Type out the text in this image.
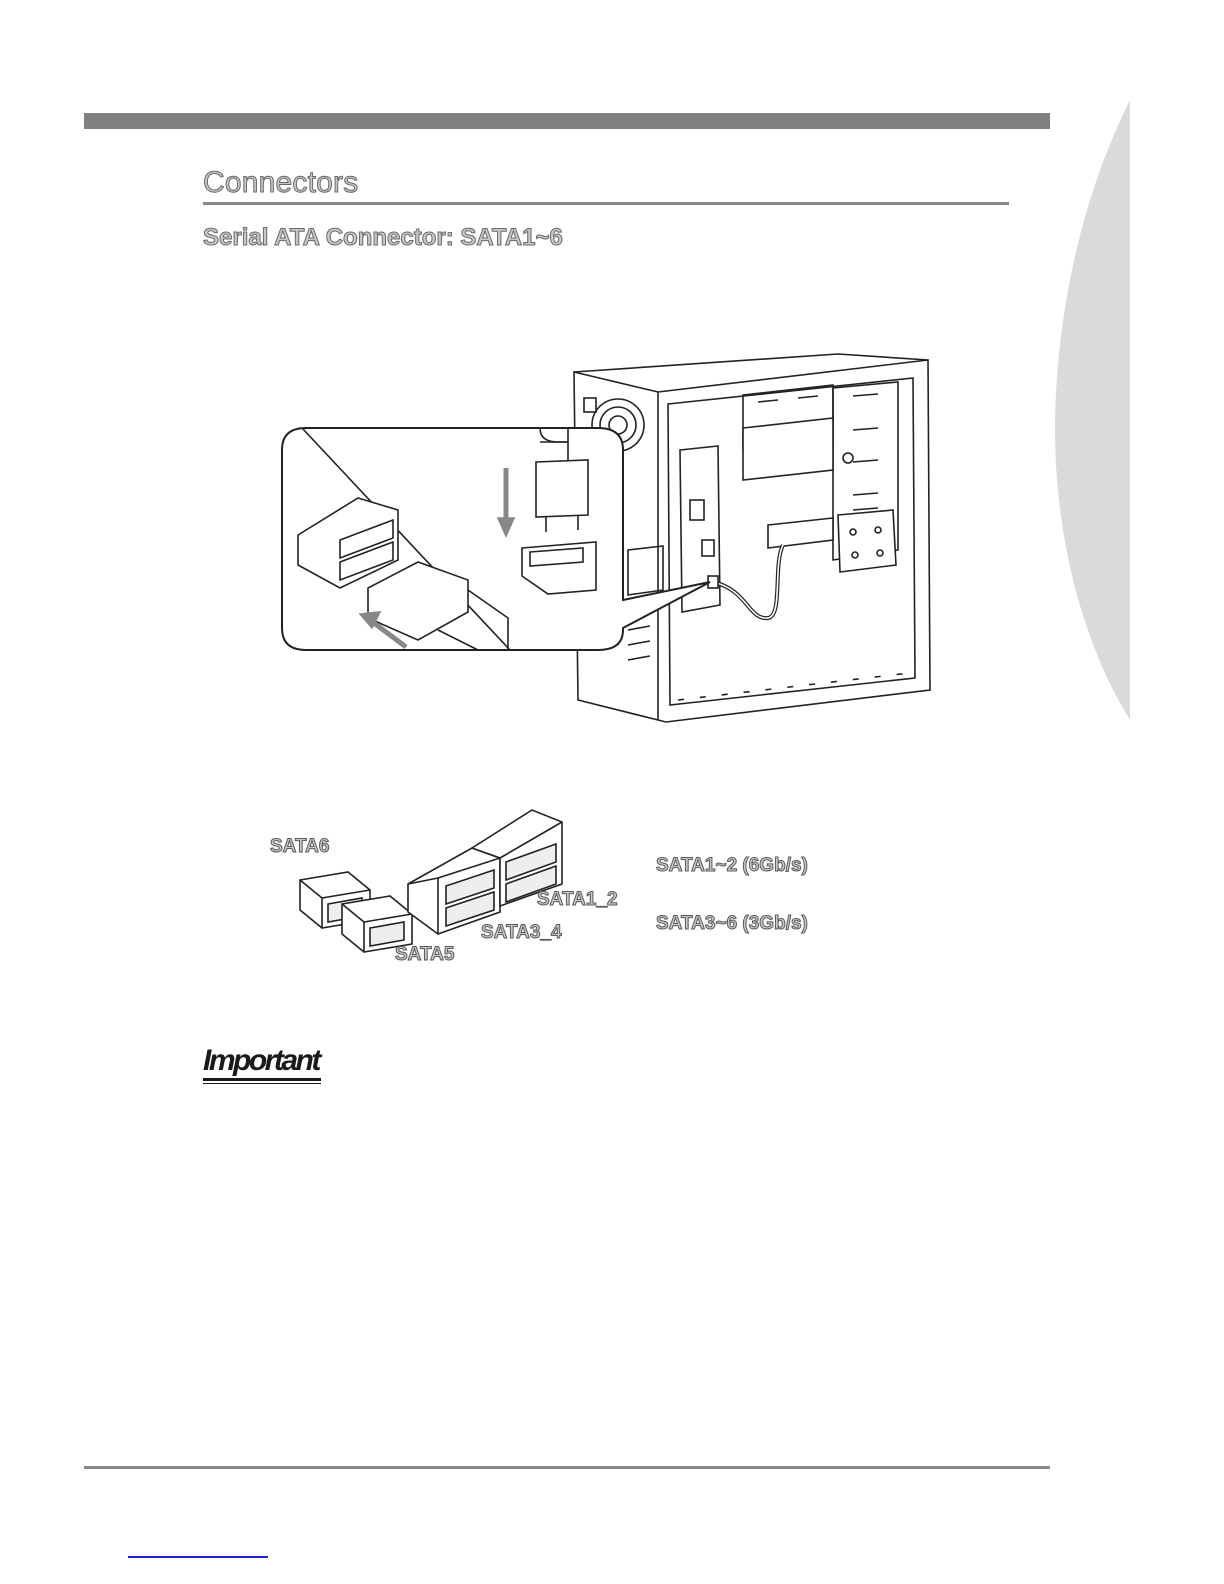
Connectors
Serial ATA Connector: SATA1~6
SATA6
SATA1_2
SATA3_4
SATA5
SATA1~2 (6Gb/s)
SATA3~6 (3Gb/s)
Important
